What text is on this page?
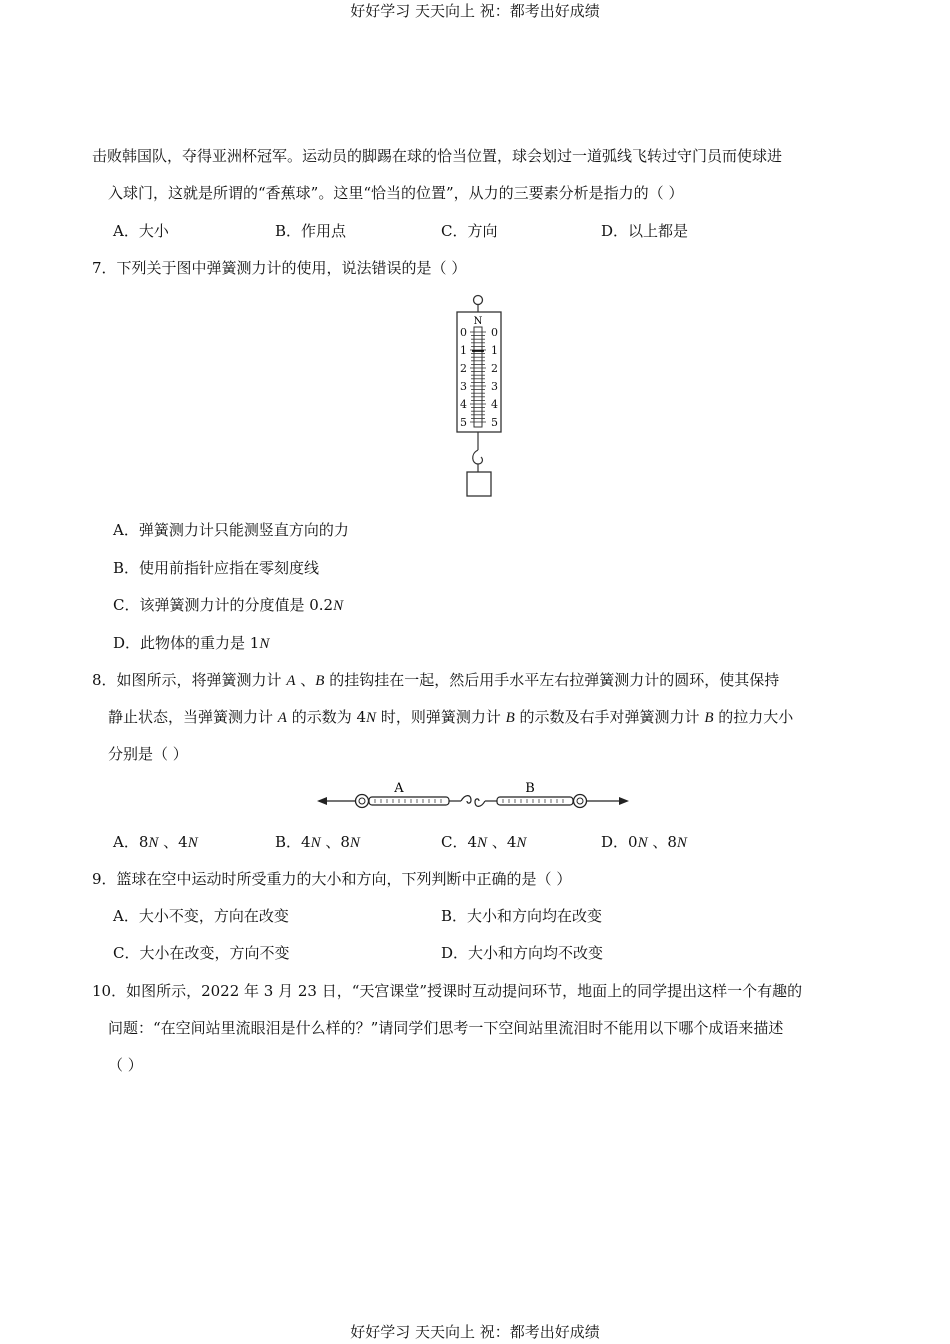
好好学习 天天向上 祝：都考出好成绩
击败韩国队，夺得亚洲杯冠军。运动员的脚踢在球的恰当位置，球会划过一道弧线飞转过守门员而使球进
入球门，这就是所谓的“香蕉球”。这里“恰当的位置”，从力的三要素分析是指力的（ ）
A．大小	B．作用点	C．方向	D．以上都是
7．下列关于图中弹簧测力计的使用，说法错误的是（ ）
N
0
1
2
3
4
5
0
1
2
3
4
5
A．弹簧测力计只能测竖直方向的力
B．使用前指针应指在零刻度线
C．该弹簧测力计的分度值是 0.2N
D．此物体的重力是 1N
8．如图所示，将弹簧测力计 A 、B 的挂钩挂在一起，然后用手水平左右拉弹簧测力计的圆环，使其保持
静止状态，当弹簧测力计 A 的示数为 4N 时，则弹簧测力计 B 的示数及右手对弹簧测力计 B 的拉力大小
分别是（ ）
A	B
A．8N 、4N	B．4N 、8N	C．4N 、4N	D．0N 、8N
9．篮球在空中运动时所受重力的大小和方向，下列判断中正确的是（ ）
A．大小不变，方向在改变	B．大小和方向均在改变
C．大小在改变，方向不变	D．大小和方向均不改变
10．如图所示，2022 年 3 月 23 日，“天宫课堂”授课时互动提问环节，地面上的同学提出这样一个有趣的
问题：“在空间站里流眼泪是什么样的？”请同学们思考一下空间站里流泪时不能用以下哪个成语来描述
（ ）
好好学习 天天向上 祝：都考出好成绩
